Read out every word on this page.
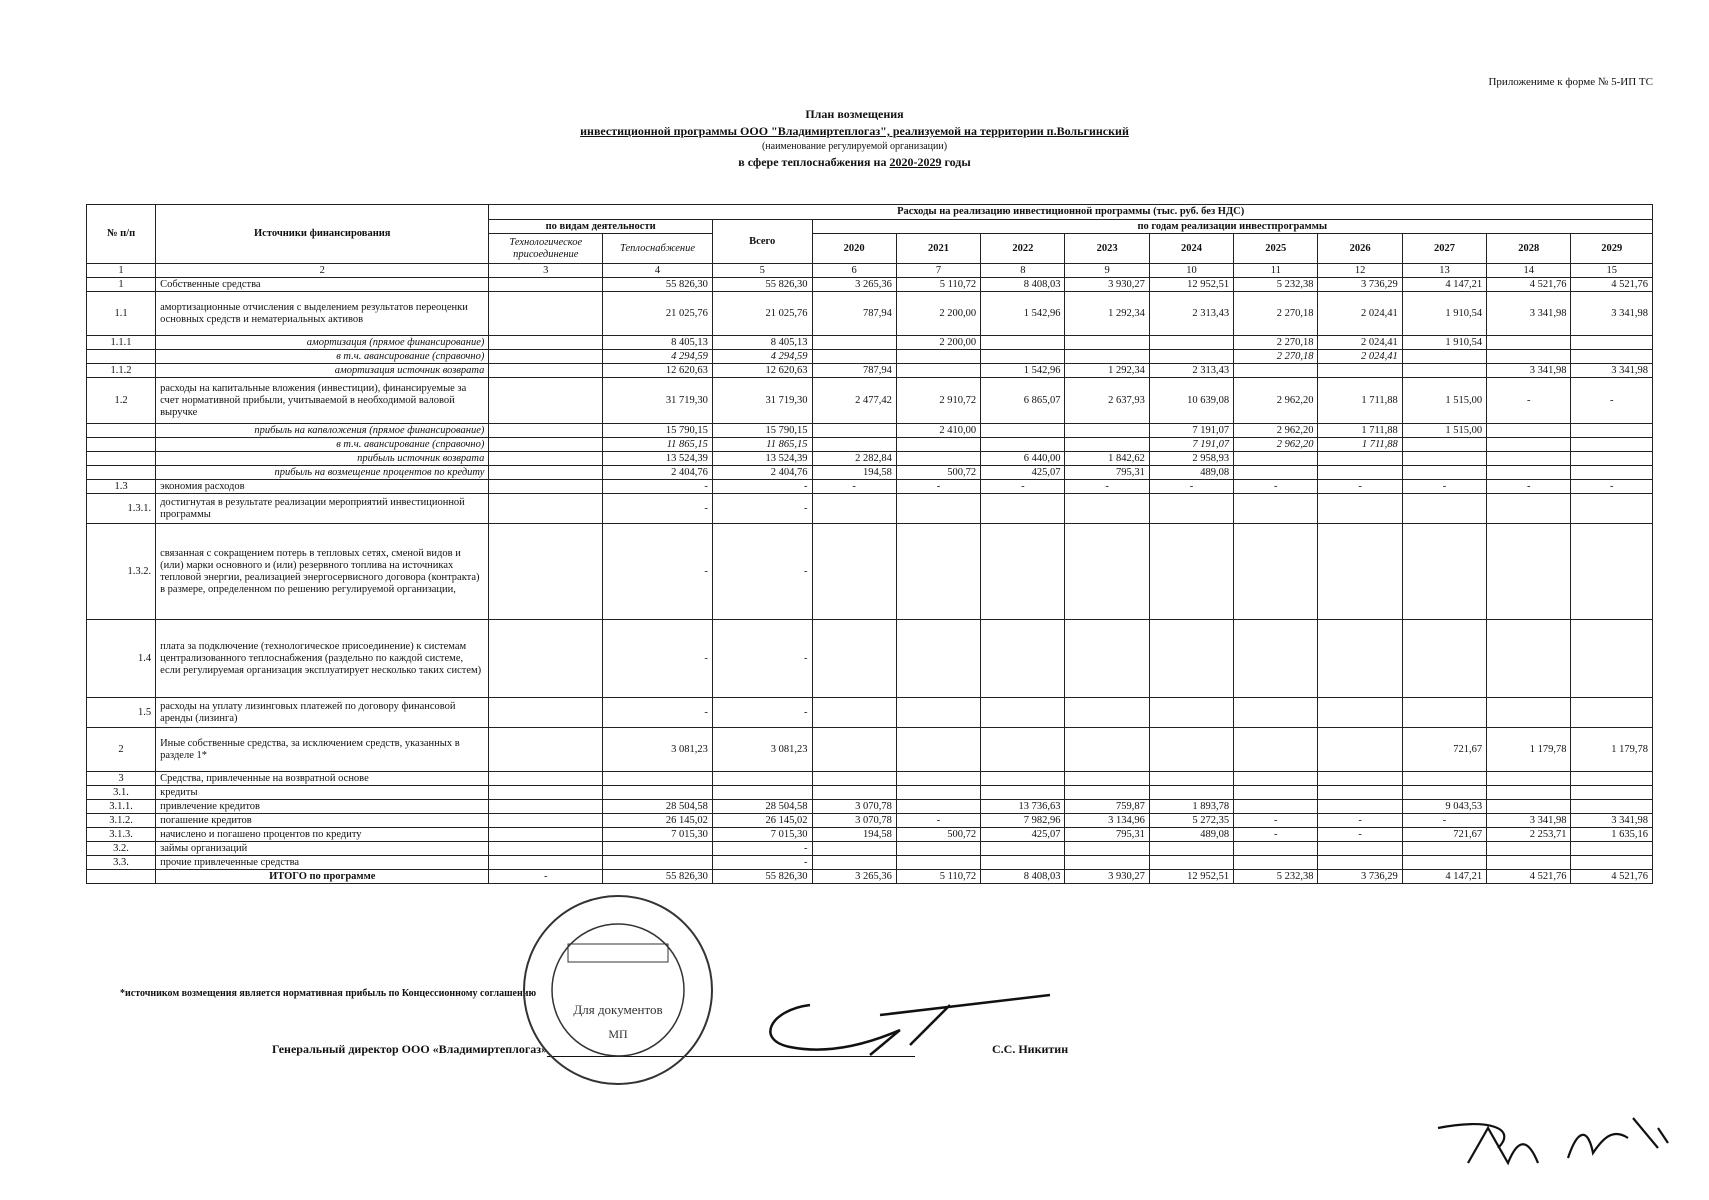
Приложениме к форме № 5-ИП ТС
План возмещения
инвестиционной программы ООО "Владимиртеплогаз", реализуемой на территории п.Вольгинский
(наименование регулируемой организации)
в сфере теплоснабжения на 2020-2029 годы
№ п/п	Источники финансирования	Расходы на реализацию инвестиционной программы (тыс. руб. без НДС)												
		по видам деятельности		Всего	по годам реализации инвестпрограммы									
		Технологическое присоединение	Теплоснабжение		2020	2021	2022	2023	2024	2025	2026	2027	2028	2029
1	2	3	4	5	6	7	8	9	10	11	12	13	14	15
1	Собственные средства		55 826,30	55 826,30	3 265,36	5 110,72	8 408,03	3 930,27	12 952,51	5 232,38	3 736,29	4 147,21	4 521,76	4 521,76
1.1	амортизационные отчисления с выделением результатов переоценки основных средств и нематериальных активов		21 025,76	21 025,76	787,94	2 200,00	1 542,96	1 292,34	2 313,43	2 270,18	2 024,41	1 910,54	3 341,98	3 341,98
1.1.1	амортизация (прямое финансирование)		8 405,13	8 405,13		2 200,00				2 270,18	2 024,41	1 910,54		
	в т.ч. авансирование (справочно)		4 294,59	4 294,59						2 270,18	2 024,41			
1.1.2	амортизация источник возврата		12 620,63	12 620,63	787,94		1 542,96	1 292,34	2 313,43				3 341,98	3 341,98
1.2	расходы на капитальные вложения (инвестиции), финансируемые за счет нормативной прибыли, учитываемой в необходимой валовой выручке		31 719,30	31 719,30	2 477,42	2 910,72	6 865,07	2 637,93	10 639,08	2 962,20	1 711,88	1 515,00	-	-
	прибыль на капвложения (прямое финансирование)		15 790,15	15 790,15		2 410,00			7 191,07	2 962,20	1 711,88	1 515,00		
	в т.ч. авансирование (справочно)		11 865,15	11 865,15					7 191,07	2 962,20	1 711,88			
	прибыль источник возврата		13 524,39	13 524,39	2 282,84		6 440,00	1 842,62	2 958,93					
	прибыль на возмещение процентов по кредиту		2 404,76	2 404,76	194,58	500,72	425,07	795,31	489,08					
1.3	экономия расходов		-	-	-	-	-	-	-	-	-	-	-	-
1.3.1.	достигнутая в результате реализации мероприятий инвестиционной программы		-	-										
1.3.2.	связанная с сокращением потерь в тепловых сетях, сменой видов и (или) марки основного и (или) резервного топлива на источниках тепловой энергии, реализацией энергосервисного договора (контракта) в размере, определенном по решению регулируемой организации,		-	-										
1.4	плата за подключение (технологическое присоединение) к системам централизованного теплоснабжения (раздельно по каждой системе, если регулируемая организация эксплуатирует несколько таких систем)		-	-										
1.5	расходы на уплату лизинговых платежей по договору финансовой аренды (лизинга)		-	-										
2	Иные собственные средства, за исключением средств, указанных в разделе 1*		3 081,23	3 081,23								721,67	1 179,78	1 179,78
3	Средства, привлеченные на возвратной основе													
3.1.	кредиты													
3.1.1.	привлечение кредитов		28 504,58	28 504,58	3 070,78		13 736,63	759,87	1 893,78			9 043,53		
3.1.2.	погашение кредитов		26 145,02	26 145,02	3 070,78	-	7 982,96	3 134,96	5 272,35	-	-	-	3 341,98	3 341,98
3.1.3.	начислено и погашено процентов по кредиту		7 015,30	7 015,30	194,58	500,72	425,07	795,31	489,08	-	-	721,67	2 253,71	1 635,16
3.2.	займы организаций			-										
3.3.	прочие привлеченные средства			-										
	ИТОГО по программе	-	55 826,30	55 826,30	3 265,36	5 110,72	8 408,03	3 930,27	12 952,51	5 232,38	3 736,29	4 147,21	4 521,76	4 521,76
*источником возмещения является нормативная прибыль по Концессионному соглашению
Генеральный директор ООО «Владимиртеплогаз»	С.С. Никитин
Для документов
МП
